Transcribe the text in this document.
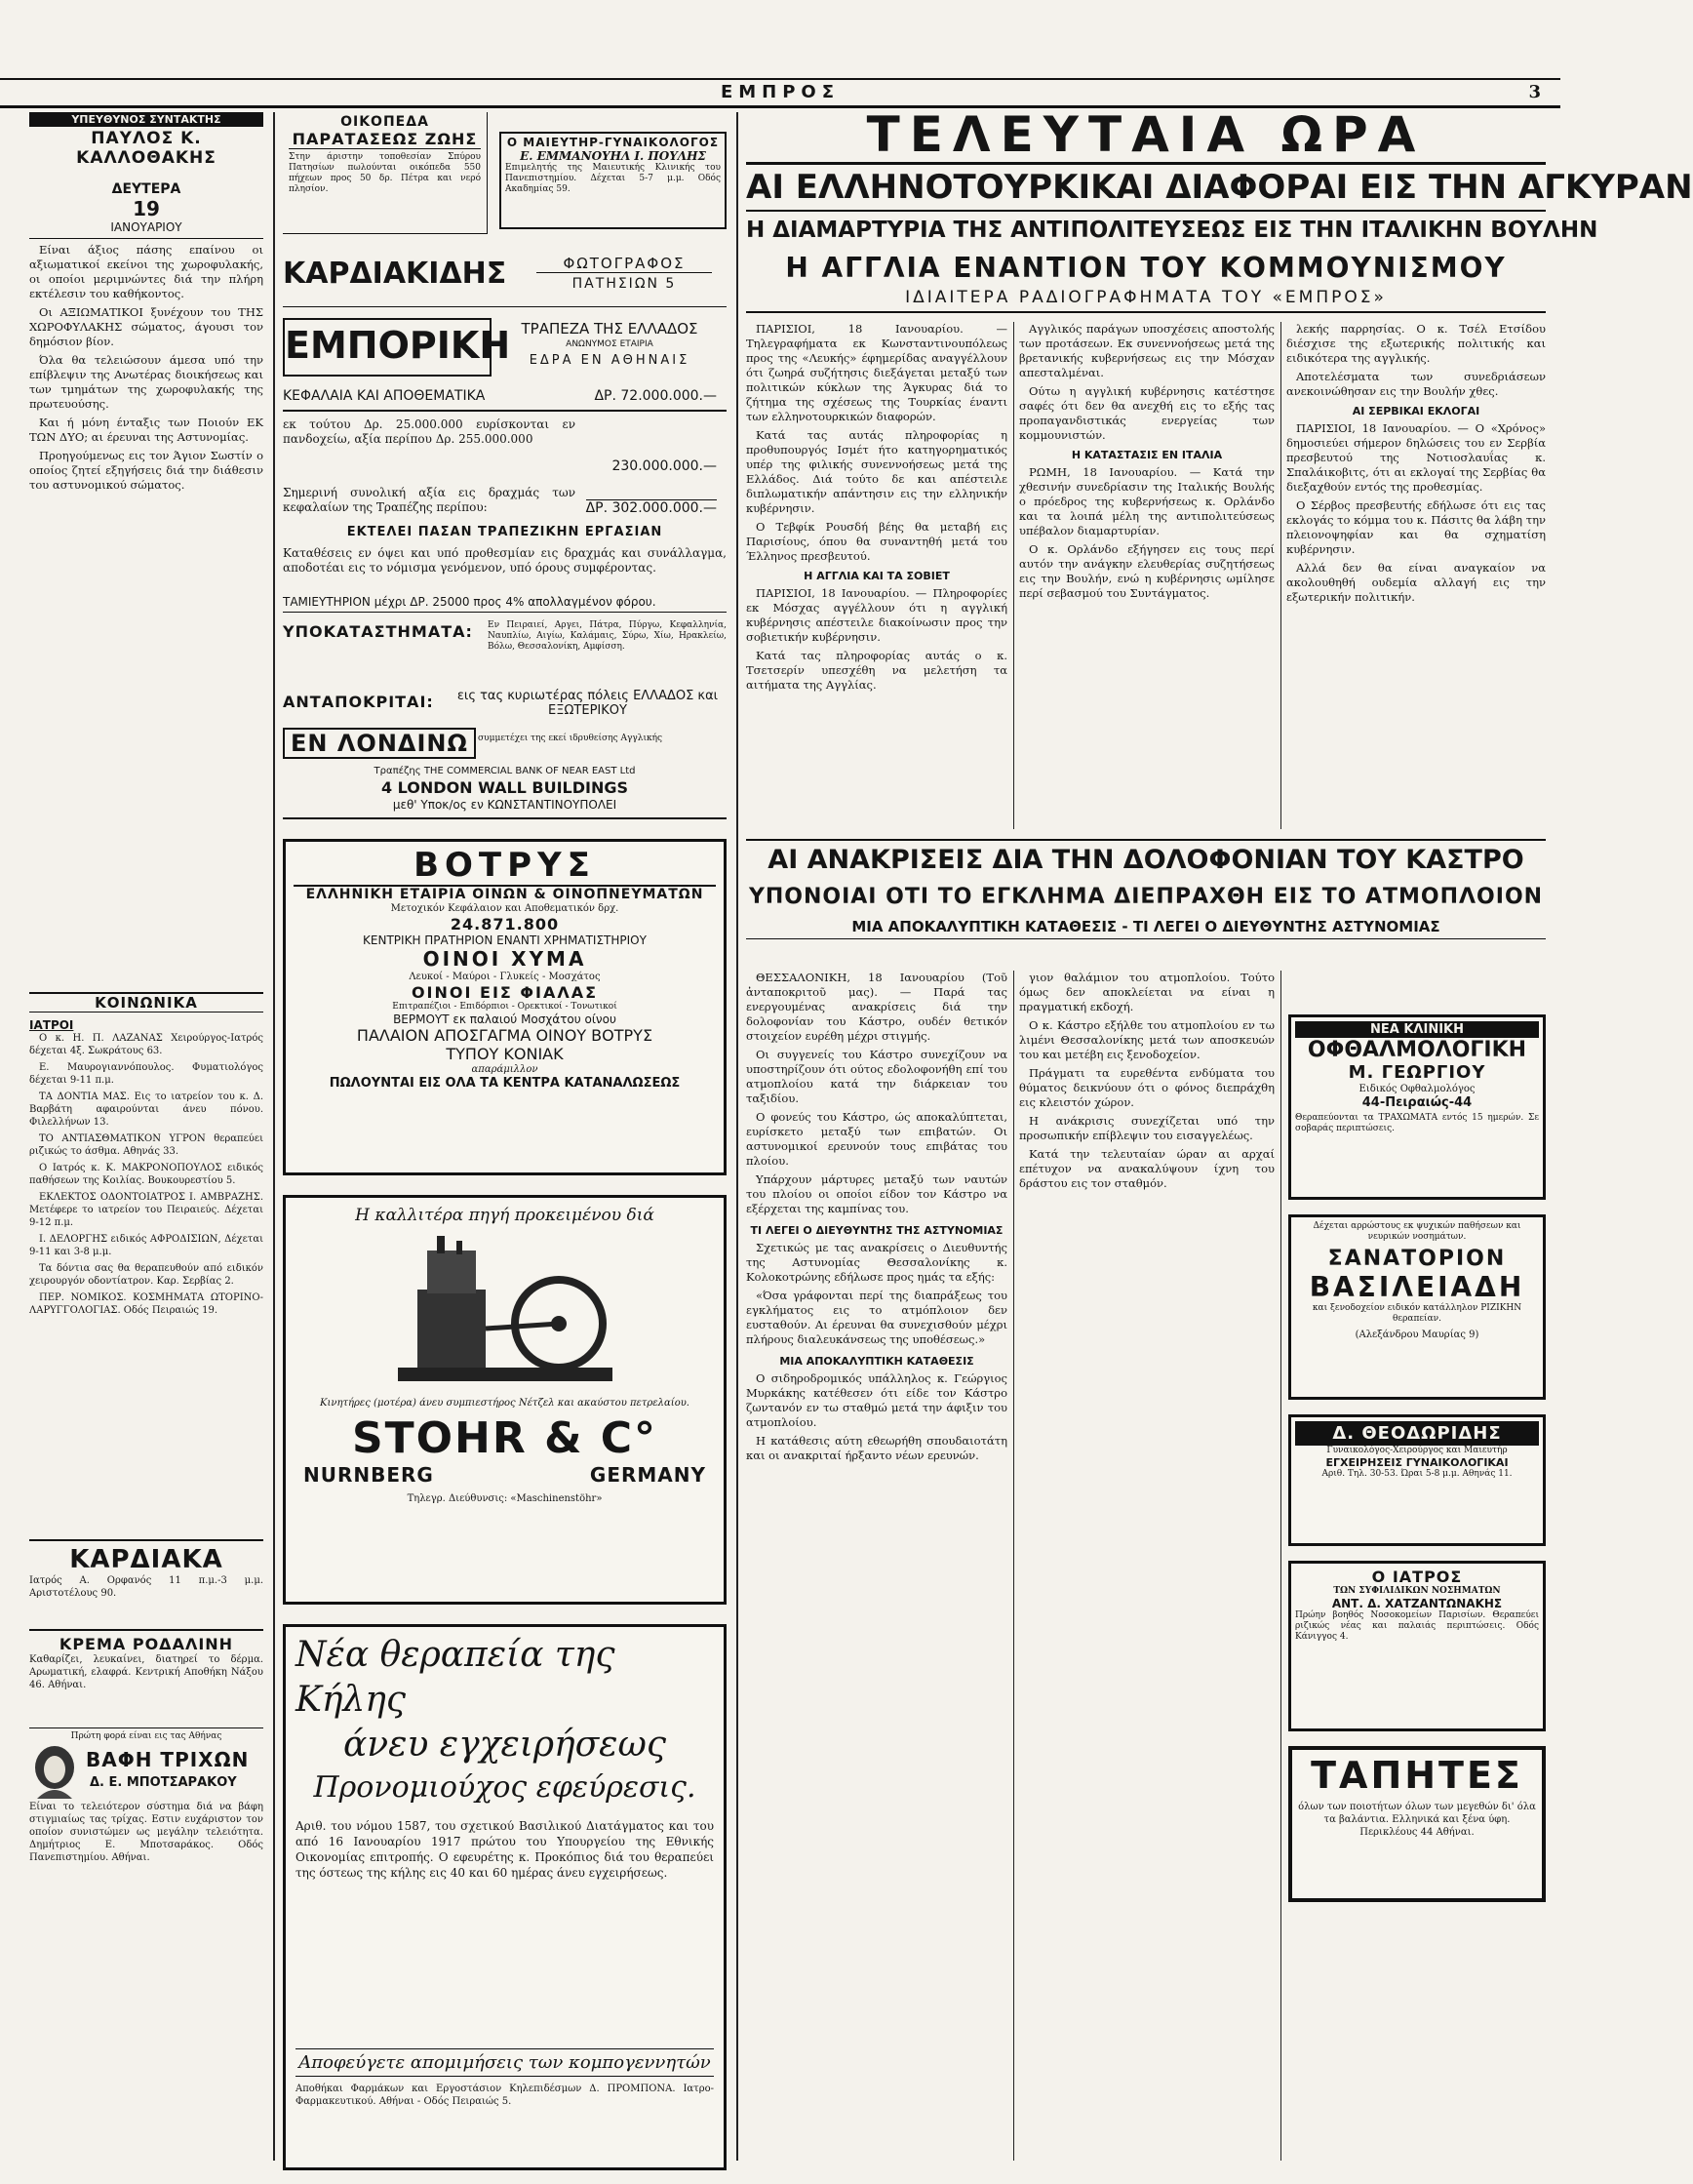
ΕΜΠΡΟΣ	3
ΥΠΕΥΘΥΝΟΣ ΣΥΝΤΑΚΤΗΣ
ΠΑΥΛΟΣ Κ. ΚΑΛΛΟΘΑΚΗΣ
ΔΕΥΤΕΡΑ
19
ΙΑΝΟΥΑΡΙΟΥ

Είναι άξιος πάσης επαίνου οι αξιωματικοί εκείνοι της χωροφυλακής, οι οποίοι μεριμνώντες διά την πλήρη εκτέλεσιν του καθήκοντος.

Οι ΑΞΙΩΜΑΤΙΚΟΙ ξυνέχουν του ΤΗΣ ΧΩΡΟΦΥΛΑΚΗΣ σώματος, άγουσι τον δημόσιον βίον.

Όλα θα τελειώσουν άμεσα υπό την επίβλεψιν της Ανωτέρας διοικήσεως και των τμημάτων της χωροφυλακής της πρωτευούσης.

Και ή μόνη ένταξις των Ποιούν ΕΚ ΤΩΝ ΔΥΟ; αι έρευναι της Αστυνομίας.

Προηγούμενως εις τον Άγιον Σωστίν ο οποίος ζητεί εξηγήσεις διά την διάθεσιν του αστυνομικού σώματος.

ΚΟΙΝΩΝΙΚΑ
ΙΑΤΡΟΙ

Ο κ. Η. Π. ΛΑΖΑΝΑΣ Χειρούργος-Ιατρός δέχεται 4ξ. Σωκράτους 63.

Ε. Μαυρογιαννόπουλος. Φυματιολόγος δέχεται 9-11 π.μ.

ΤΑ ΔΟΝΤΙΑ ΜΑΣ. Εις το ιατρείον του κ. Δ. Βαρβάτη αφαιρούνται άνευ πόνου. Φιλελλήνων 13.

ΤΟ ΑΝΤΙΑΣΘΜΑΤΙΚΟΝ ΥΓΡΟΝ θεραπεύει ριζικώς το άσθμα. Αθηνάς 33.

Ο Ιατρός κ. Κ. ΜΑΚΡΟΝΟΠΟΥΛΟΣ ειδικός παθήσεων της Κοιλίας. Βουκουρεστίου 5.

ΕΚΛΕΚΤΟΣ ΟΔΟΝΤΟΙΑΤΡΟΣ Ι. ΑΜΒΡΑΖΗΣ. Μετέφερε το ιατρείον του Πειραιεύς. Δέχεται 9-12 π.μ.

Ι. ΔΕΛΟΡΓΗΣ ειδικός ΑΦΡΟΔΙΣΙΩΝ, Δέχεται 9-11 και 3-8 μ.μ.

Τα δόντια σας θα θεραπευθούν από ειδικόν χειρουργόν οδοντίατρον. Καρ. Σερβίας 2.

ΠΕΡ. ΝΟΜΙΚΟΣ. ΚΟΣΜΗΜΑΤΑ ΩΤΟΡΙΝΟ-ΛΑΡΥΓΓΟΛΟΓΙΑΣ. Οδός Πειραιώς 19.

ΚΑΡΔΙΑΚΑ
Ιατρός Α. Ορφανός 11 π.μ.-3 μ.μ. Αριστοτέλους 90.
ΚΡΕΜΑ ΡΟΔΑΛΙΝΗ
Καθαρίζει, λευκαίνει, διατηρεί το δέρμα. Αρωματική, ελαφρά. Κεντρική Αποθήκη Νάξου 46. Αθήναι.
Πρώτη φορά είναι εις τας Αθήνας
ΒΑΦΗ ΤΡΙΧΩΝ
Δ. Ε. ΜΠΟΤΣΑΡΑΚΟΥ
Είναι το τελειότερον σύστημα διά να βάφη στιγμιαίως τας τρίχας. Εστιν ευχάριστον τον οποίον συνιστώμεν ως μεγάλην τελειότητα. Δημήτριος Ε. Μποτσαράκος. Οδός Πανεπιστημίου. Αθήναι.
ΟΙΚΟΠΕΔΑ
ΠΑΡΑΤΑΣΕΩΣ ΖΩΗΣ
Στην άριστην τοποθεσίαν Σπύρου Πατησίων πωλούνται οικόπεδα 550 πήχεων προς 50 δρ. Πέτρα και νερό πλησίον.
Ο ΜΑΙΕΥΤΗΡ-ΓΥΝΑΙΚΟΛΟΓΟΣ
Ε. ΕΜΜΑΝΟΥΗΛ Ι. ΠΟΥΛΗΣ
Επιμελητής της Μαιευτικής Κλινικής του Πανεπιστημίου. Δέχεται 5-7 μ.μ. Οδός Ακαδημίας 59.
ΚΑΡΔΙΑΚΙΔΗΣ	ΦΩΤΟΓΡΑΦΟΣ
ΠΑΤΗΣΙΩΝ 5
ΕΜΠΟΡΙΚΗ ΤΡΑΠΕΖΑ ΤΗΣ ΕΛΛΑΔΟΣ
ΑΝΩΝΥΜΟΣ ΕΤΑΙΡΙΑ
ΕΔΡΑ ΕΝ ΑΘΗΝΑΙΣ
ΚΕΦΑΛΑΙΑ ΚΑΙ ΑΠΟΘΕΜΑΤΙΚΑ	ΔΡ. 72.000.000.—
εκ τούτου Δρ. 25.000.000 ευρίσκονται εν πανδοχείω, αξία περίπου Δρ. 255.000.000
230.000.000.—
Σημερινή συνολική αξία εις δραχμάς των κεφαλαίων της Τραπέζης περίπου:	ΔΡ. 302.000.000.—
ΕΚΤΕΛΕΙ ΠΑΣΑΝ ΤΡΑΠΕΖΙΚΗΝ ΕΡΓΑΣΙΑΝ
Καταθέσεις εν όψει και υπό προθεσμίαν εις δραχμάς και συνάλλαγμα, αποδοτέαι εις το νόμισμα γενόμενον, υπό όρους συμφέροντας.
ΤΑΜΙΕΥΤΗΡΙΟΝ μέχρι ΔΡ. 25000 προς 4% απολλαγμένον φόρου.
ΥΠΟΚΑΤΑΣΤΗΜΑΤΑ: Εν Πειραιεί, Αργει, Πάτρα, Πύργω, Κεφαλληνία, Ναυπλίω, Αιγίω, Καλάμαις, Σύρω, Χίω, Ηρακλείω, Βόλω, Θεσσαλονίκη, Αμφίσση.
ΑΝΤΑΠΟΚΡΙΤΑΙ:	εις τας κυριωτέρας πόλεις ΕΛΛΑΔΟΣ και ΕΞΩΤΕΡΙΚΟΥ
ΕΝ ΛΟΝΔΙΝΩ	συμμετέχει της εκεί ιδρυθείσης Αγγλικής
Τραπέζης THE COMMERCIAL BANK OF NEAR EAST Ltd
4 LONDON WALL BUILDINGS
μεθ' Υποκ/ος εν ΚΩΝΣΤΑΝΤΙΝΟΥΠΟΛΕΙ
ΒΟΤΡΥΣ
ΕΛΛΗΝΙΚΗ ΕΤΑΙΡΙΑ ΟΙΝΩΝ & ΟΙΝΟΠΝΕΥΜΑΤΩΝ
Μετοχικόν Κεφάλαιον και Αποθεματικόν δρχ.
24.871.800
ΚΕΝΤΡΙΚΗ ΠΡΑΤΗΡΙΟΝ ΕΝΑΝΤΙ ΧΡΗΜΑΤΙΣΤΗΡΙΟΥ
ΟΙΝΟΙ ΧΥΜΑ
Λευκοί - Μαύροι - Γλυκείς - Μοσχάτος
ΟΙΝΟΙ ΕΙΣ ΦΙΑΛΑΣ
Επιτραπέζιοι - Επιδόρπιοι - Ορεκτικοί - Τονωτικοί
ΒΕΡΜΟΥΤ εκ παλαιού Μοσχάτου οίνου
ΠΑΛΑΙΟΝ ΑΠΟΣΓΑΓΜΑ ΟΙΝΟΥ ΒΟΤΡΥΣ
ΤΥΠΟΥ ΚΟΝΙΑΚ
απαράμιλλον
ΠΩΛΟΥΝΤΑΙ ΕΙΣ ΟΛΑ ΤΑ ΚΕΝΤΡΑ ΚΑΤΑΝΑΛΩΣΕΩΣ
Η καλλιτέρα πηγή προκειμένου διά
Κινητήρες (μοτέρα) άνευ συμπιεστήρος Νέτζελ και ακαύστου πετρελαίου.
STOHR & C°
NURNBERG	GERMANY
Τηλεγρ. Διεύθυνσις: «Maschinenstöhr»
Νέα θεραπεία της Κήλης
άνευ εγχειρήσεως
Προνομιούχος εφεύρεσις.
Αριθ. του νόμου 1587, του σχετικού Βασιλικού Διατάγματος και του από 16 Ιανουαρίου 1917 πρώτου του Υπουργείου της Εθνικής Οικονομίας επιτροπής. Ο εφευρέτης κ. Προκόπιος διά του θεραπεύει της όστεως της κήλης εις 40 και 60 ημέρας άνευ εγχειρήσεως.
Αποφεύγετε απομιμήσεις των κομπογεννητών
Αποθήκαι Φαρμάκων και Εργοστάσιον Κηλεπιδέσμων Δ. ΠΡΟΜΠΟΝΑ. Ιατρο-Φαρμακευτικού. Αθήναι - Οδός Πειραιώς 5.
ΤΕΛΕΥΤΑΙΑ ΩΡΑ
ΑΙ ΕΛΛΗΝΟΤΟΥΡΚΙΚΑΙ ΔΙΑΦΟΡΑΙ ΕΙΣ ΤΗΝ ΑΓΚΥΡΑΝ
Η ΔΙΑΜΑΡΤΥΡΙΑ ΤΗΣ ΑΝΤΙΠΟΛΙΤΕΥΣΕΩΣ ΕΙΣ ΤΗΝ ΙΤΑΛΙΚΗΝ ΒΟΥΛΗΝ
Η ΑΓΓΛΙΑ ΕΝΑΝΤΙΟΝ ΤΟΥ ΚΟΜΜΟΥΝΙΣΜΟΥ
ΙΔΙΑΙΤΕΡΑ ΡΑΔΙΟΓΡΑΦΗΜΑΤΑ ΤΟΥ «ΕΜΠΡΟΣ»

ΠΑΡΙΣΙΟΙ, 18 Ιανουαρίου. — Τηλεγραφήματα εκ Κωνσταντινουπόλεως προς της «Λευκής» έφημερίδας αναγγέλλουν ότι ζωηρά συζήτησις διεξάγεται μεταξύ των πολιτικών κύκλων της Άγκυρας διά το ζήτημα της σχέσεως της Τουρκίας έναντι των ελληνοτουρκικών διαφορών.

Κατά τας αυτάς πληροφορίας η προθυπουργός Ισμέτ ήτο κατηγορηματικός υπέρ της φιλικής συνεννοήσεως μετά της Ελλάδος. Διά τούτο δε και απέστειλε διπλωματικήν απάντησιν εις την ελληνικήν κυβέρνησιν.

Ο Τεβφίκ Ρουσδή βέης θα μεταβή εις Παρισίους, όπου θα συναντηθή μετά του Έλληνος πρεσβευτού.

Η ΑΓΓΛΙΑ ΚΑΙ ΤΑ ΣΟΒΙΕΤ

ΠΑΡΙΣΙΟΙ, 18 Ιανουαρίου. — Πληροφορίες εκ Μόσχας αγγέλλουν ότι η αγγλική κυβέρνησις απέστειλε διακοίνωσιν προς την σοβιετικήν κυβέρνησιν.

Κατά τας πληροφορίας αυτάς ο κ. Τσετσερίν υπεσχέθη να μελετήση τα αιτήματα της Αγγλίας.

Αγγλικός παράγων υποσχέσεις αποστολής των προτάσεων. Εκ συνεννοήσεως μετά της βρετανικής κυβερνήσεως εις την Μόσχαν απεσταλμέναι.

Ούτω η αγγλική κυβέρνησις κατέστησε σαφές ότι δεν θα ανεχθή εις το εξής τας προπαγανδιστικάς ενεργείας των κομμουνιστών.

Η ΚΑΤΑΣΤΑΣΙΣ ΕΝ ΙΤΑΛΙΑ

ΡΩΜΗ, 18 Ιανουαρίου. — Κατά την χθεσινήν συνεδρίασιν της Ιταλικής Βουλής ο πρόεδρος της κυβερνήσεως κ. Ορλάνδο και τα λοιπά μέλη της αντιπολιτεύσεως υπέβαλον διαμαρτυρίαν.

Ο κ. Ορλάνδο εξήγησεν εις τους περί αυτόν την ανάγκην ελευθερίας συζητήσεως εις την Βουλήν, ενώ η κυβέρνησις ωμίλησε περί σεβασμού του Συντάγματος.

λεκής παρρησίας. Ο κ. Τσέλ Ετσίδου διέσχισε της εξωτερικής πολιτικής και ειδικότερα της αγγλικής.

Αποτελέσματα των συνεδριάσεων ανεκοινώθησαν εις την Βουλήν χθες.

ΑΙ ΣΕΡΒΙΚΑΙ ΕΚΛΟΓΑΙ

ΠΑΡΙΣΙΟΙ, 18 Ιανουαρίου. — Ο «Χρόνος» δημοσιεύει σήμερον δηλώσεις του εν Σερβία πρεσβευτού της Νοτιοσλαυΐας κ. Σπαλάικοβιτς, ότι αι εκλογαί της Σερβίας θα διεξαχθούν εντός της προθεσμίας.

Ο Σέρβος πρεσβευτής εδήλωσε ότι εις τας εκλογάς το κόμμα του κ. Πάσιτς θα λάβη την πλειονοψηφίαν και θα σχηματίση κυβέρνησιν.

Αλλά δεν θα είναι αναγκαίον να ακολουθηθή ουδεμία αλλαγή εις την εξωτερικήν πολιτικήν.

ΑΙ ΑΝΑΚΡΙΣΕΙΣ ΔΙΑ ΤΗΝ ΔΟΛΟΦΟΝΙΑΝ ΤΟΥ ΚΑΣΤΡΟ
ΥΠΟΝΟΙΑΙ ΟΤΙ ΤΟ ΕΓΚΛΗΜΑ ΔΙΕΠΡΑΧΘΗ ΕΙΣ ΤΟ ΑΤΜΟΠΛΟΙΟΝ
ΜΙΑ ΑΠΟΚΑΛΥΠΤΙΚΗ ΚΑΤΑΘΕΣΙΣ - ΤΙ ΛΕΓΕΙ Ο ΔΙΕΥΘΥΝΤΗΣ ΑΣΤΥΝΟΜΙΑΣ

ΘΕΣΣΑΛΟΝΙΚΗ, 18 Ιανουαρίου (Τοῦ ἀνταποκριτοῦ μας). — Παρά τας ενεργουμένας ανακρίσεις διά την δολοφονίαν του Κάστρο, ουδέν θετικόν στοιχείον ευρέθη μέχρι στιγμής.

Οι συγγενείς του Κάστρο συνεχίζουν να υποστηρίζουν ότι ούτος εδολοφονήθη επί του ατμοπλοίου κατά την διάρκειαν του ταξιδίου.

Ο φονεύς του Κάστρο, ώς αποκαλύπτεται, ευρίσκετο μεταξύ των επιβατών. Οι αστυνομικοί ερευνούν τους επιβάτας του πλοίου.

Υπάρχουν μάρτυρες μεταξύ των ναυτών του πλοίου οι οποίοι είδον τον Κάστρο να εξέρχεται της καμπίνας του.

ΤΙ ΛΕΓΕΙ Ο ΔΙΕΥΘΥΝΤΗΣ ΤΗΣ ΑΣΤΥΝΟΜΙΑΣ

Σχετικώς με τας ανακρίσεις ο Διευθυντής της Αστυνομίας Θεσσαλονίκης κ. Κολοκοτρώνης εδήλωσε προς ημάς τα εξής:

«Όσα γράφονται περί της διαπράξεως του εγκλήματος εις το ατμόπλοιον δεν ευσταθούν. Αι έρευναι θα συνεχισθούν μέχρι πλήρους διαλευκάνσεως της υποθέσεως.»

ΜΙΑ ΑΠΟΚΑΛΥΠΤΙΚΗ ΚΑΤΑΘΕΣΙΣ

Ο σιδηροδρομικός υπάλληλος κ. Γεώργιος Μυρκάκης κατέθεσεν ότι είδε τον Κάστρο ζωντανόν εν τω σταθμώ μετά την άφιξιν του ατμοπλοίου.

Η κατάθεσις αύτη εθεωρήθη σπουδαιοτάτη και οι ανακριταί ήρξαντο νέων ερευνών.

γιον θαλάμιον του ατμοπλοίου. Τούτο όμως δεν αποκλείεται να είναι η πραγματική εκδοχή.

Ο κ. Κάστρο εξήλθε του ατμοπλοίου εν τω λιμένι Θεσσαλονίκης μετά των αποσκευών του και μετέβη εις ξενοδοχείον.

Πράγματι τα ευρεθέντα ενδύματα του θύματος δεικνύουν ότι ο φόνος διεπράχθη εις κλειστόν χώρον.

Η ανάκρισις συνεχίζεται υπό την προσωπικήν επίβλεψιν του εισαγγελέως.

Κατά την τελευταίαν ώραν αι αρχαί επέτυχον να ανακαλύψουν ίχνη του δράστου εις τον σταθμόν.

ΝΕΑ ΚΛΙΝΙΚΗ
ΟΦΘΑΛΜΟΛΟΓΙΚΗ
Μ. ΓΕΩΡΓΙΟΥ
Ειδικός Οφθαλμολόγος
44-Πειραιώς-44
Θεραπεύονται τα ΤΡΑΧΩΜΑΤΑ εντός 15 ημερών. Σε σοβαράς περιπτώσεις.
Δέχεται αρρώστους εκ ψυχικών παθήσεων και νευρικών νοσημάτων.
ΣΑΝΑΤΟΡΙΟΝ
ΒΑΣΙΛΕΙΑΔΗ
και ξενοδοχείον ειδικόν κατάλληλον ΡΙΖΙΚΗΝ θεραπείαν.
(Αλεξάνδρου Μαυρίας 9)
Δ. ΘΕΟΔΩΡΙΔΗΣ
Γυναικολόγος-Χειρούργος και Μαιευτήρ
ΕΓΧΕΙΡΗΣΕΙΣ ΓΥΝΑΙΚΟΛΟΓΙΚΑΙ
Αριθ. Τηλ. 30-53. Ώραι 5-8 μ.μ. Αθηνάς 11.
Ο ΙΑΤΡΟΣ
ΤΩΝ ΣΥΦΙΛΙΔΙΚΩΝ ΝΟΣΗΜΑΤΩΝ
ΑΝΤ. Δ. ΧΑΤΖΑΝΤΩΝΑΚΗΣ
Πρώην βοηθός Νοσοκομείων Παρισίων. Θεραπεύει ριζικώς νέας και παλαιάς περιπτώσεις. Οδός Κάνιγγος 4.
ΤΑΠΗΤΕΣ
όλων των ποιοτήτων όλων των μεγεθών δι' όλα τα βαλάντια. Ελληνικά και ξένα ύφη. Περικλέους 44 Αθήναι.
